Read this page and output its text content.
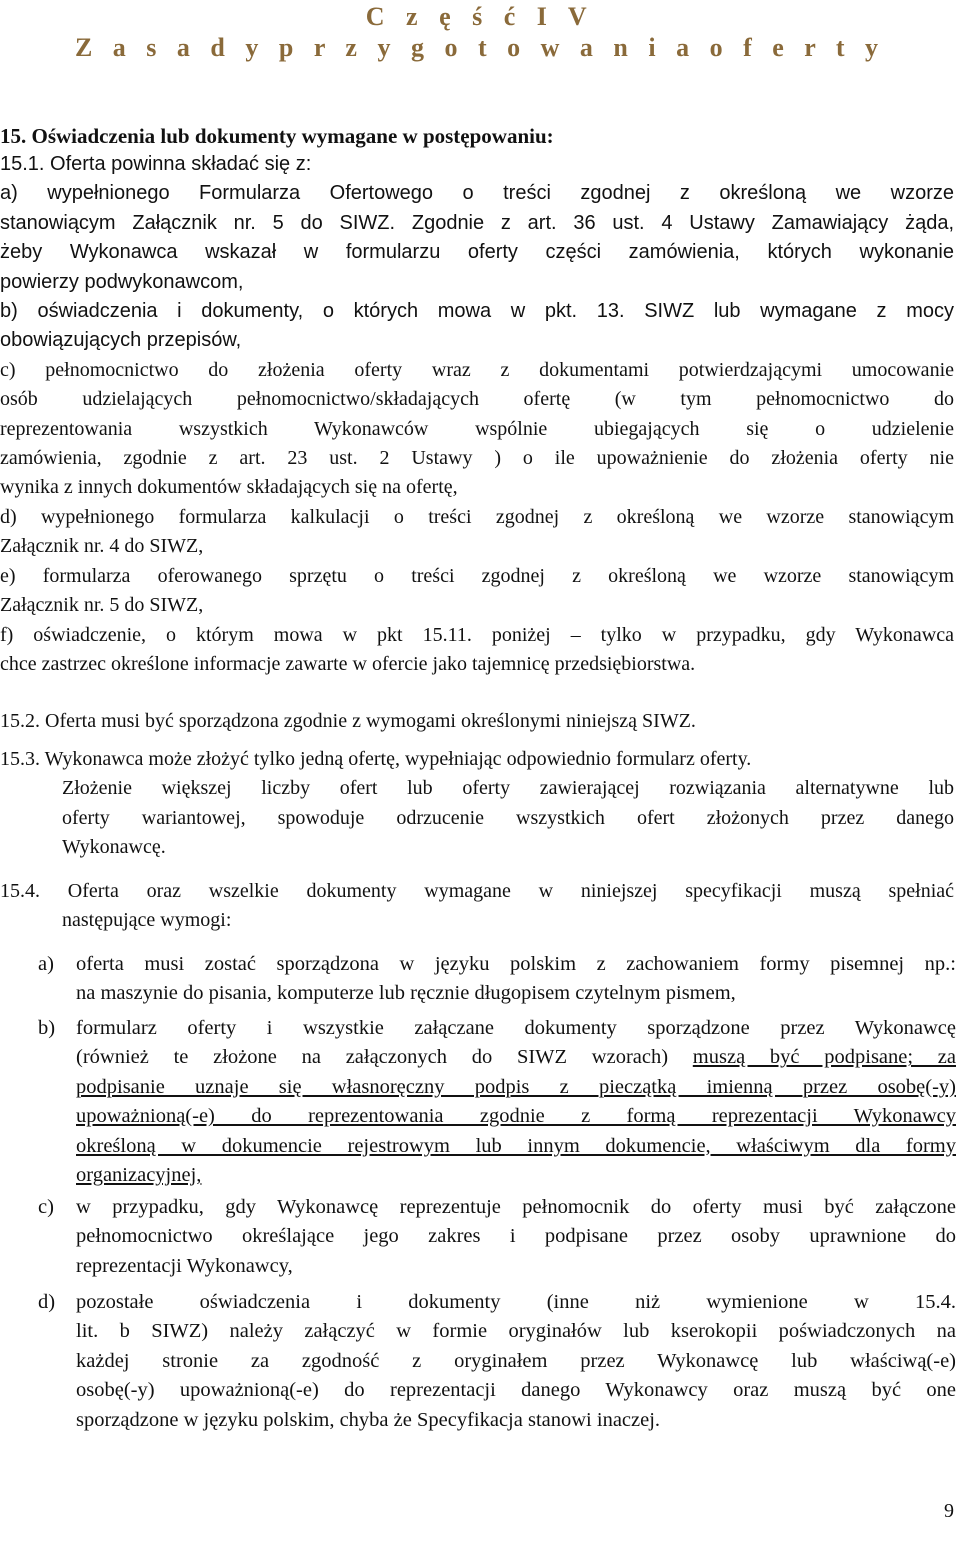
C z ę ś ć I V
Z a s a d y p r z y g o t o w a n i a o f e r t y
15. Oświadczenia lub dokumenty wymagane w postępowaniu:
15.1. Oferta powinna składać się z:
a) wypełnionego Formularza Ofertowego o treści zgodnej z określoną we wzorze
stanowiącym Załącznik nr. 5 do SIWZ. Zgodnie z art. 36 ust. 4 Ustawy Zamawiający żąda,
żeby Wykonawca wskazał w formularzu oferty części zamówienia, których wykonanie
powierzy podwykonawcom,
b) oświadczenia i dokumenty, o których mowa w pkt. 13. SIWZ lub wymagane z mocy
obowiązujących przepisów,
c) pełnomocnictwo do złożenia oferty wraz z dokumentami potwierdzającymi umocowanie
osób udzielających pełnomocnictwo/składających ofertę (w tym pełnomocnictwo do
reprezentowania wszystkich Wykonawców wspólnie ubiegających się o udzielenie
zamówienia, zgodnie z art. 23 ust. 2 Ustawy ) o ile upoważnienie do złożenia oferty nie
wynika z innych dokumentów składających się na ofertę,
d) wypełnionego formularza kalkulacji o treści zgodnej z określoną we wzorze stanowiącym
Załącznik nr. 4 do SIWZ,
e) formularza oferowanego sprzętu o treści zgodnej z określoną we wzorze stanowiącym
Załącznik nr. 5 do SIWZ,
f) oświadczenie, o którym mowa w pkt 15.11. poniżej – tylko w przypadku, gdy Wykonawca
chce zastrzec określone informacje zawarte w ofercie jako tajemnicę przedsiębiorstwa.
15.2. Oferta musi być sporządzona zgodnie z wymogami określonymi niniejszą SIWZ.
15.3. Wykonawca może złożyć tylko jedną ofertę, wypełniając odpowiednio formularz oferty.
Złożenie większej liczby ofert lub oferty zawierającej rozwiązania alternatywne lub
oferty wariantowej, spowoduje odrzucenie wszystkich ofert złożonych przez danego
Wykonawcę.
15.4. Oferta oraz wszelkie dokumenty wymagane w niniejszej specyfikacji muszą spełniać
następujące wymogi:
a) oferta musi zostać sporządzona w języku polskim z zachowaniem formy pisemnej np.:
na maszynie do pisania, komputerze lub ręcznie długopisem czytelnym pismem,
b) formularz oferty i wszystkie załączane dokumenty sporządzone przez Wykonawcę
(również te złożone na załączonych do SIWZ wzorach) muszą być podpisane; za
podpisanie uznaje się własnoręczny podpis z pieczątką imienną przez osobę(-y)
upoważnioną(-e) do reprezentowania zgodnie z formą reprezentacji Wykonawcy
określoną w dokumencie rejestrowym lub innym dokumencie, właściwym dla formy
organizacyjnej,
c) w przypadku, gdy Wykonawcę reprezentuje pełnomocnik do oferty musi być załączone
pełnomocnictwo określające jego zakres i podpisane przez osoby uprawnione do
reprezentacji Wykonawcy,
d) pozostałe oświadczenia i dokumenty (inne niż wymienione w 15.4.
lit. b SIWZ) należy załączyć w formie oryginałów lub kserokopii poświadczonych na
każdej stronie za zgodność z oryginałem przez Wykonawcę lub właściwą(-e)
osobę(-y) upoważnioną(-e) do reprezentacji danego Wykonawcy oraz muszą być one
sporządzone w języku polskim, chyba że Specyfikacja stanowi inaczej.
9
